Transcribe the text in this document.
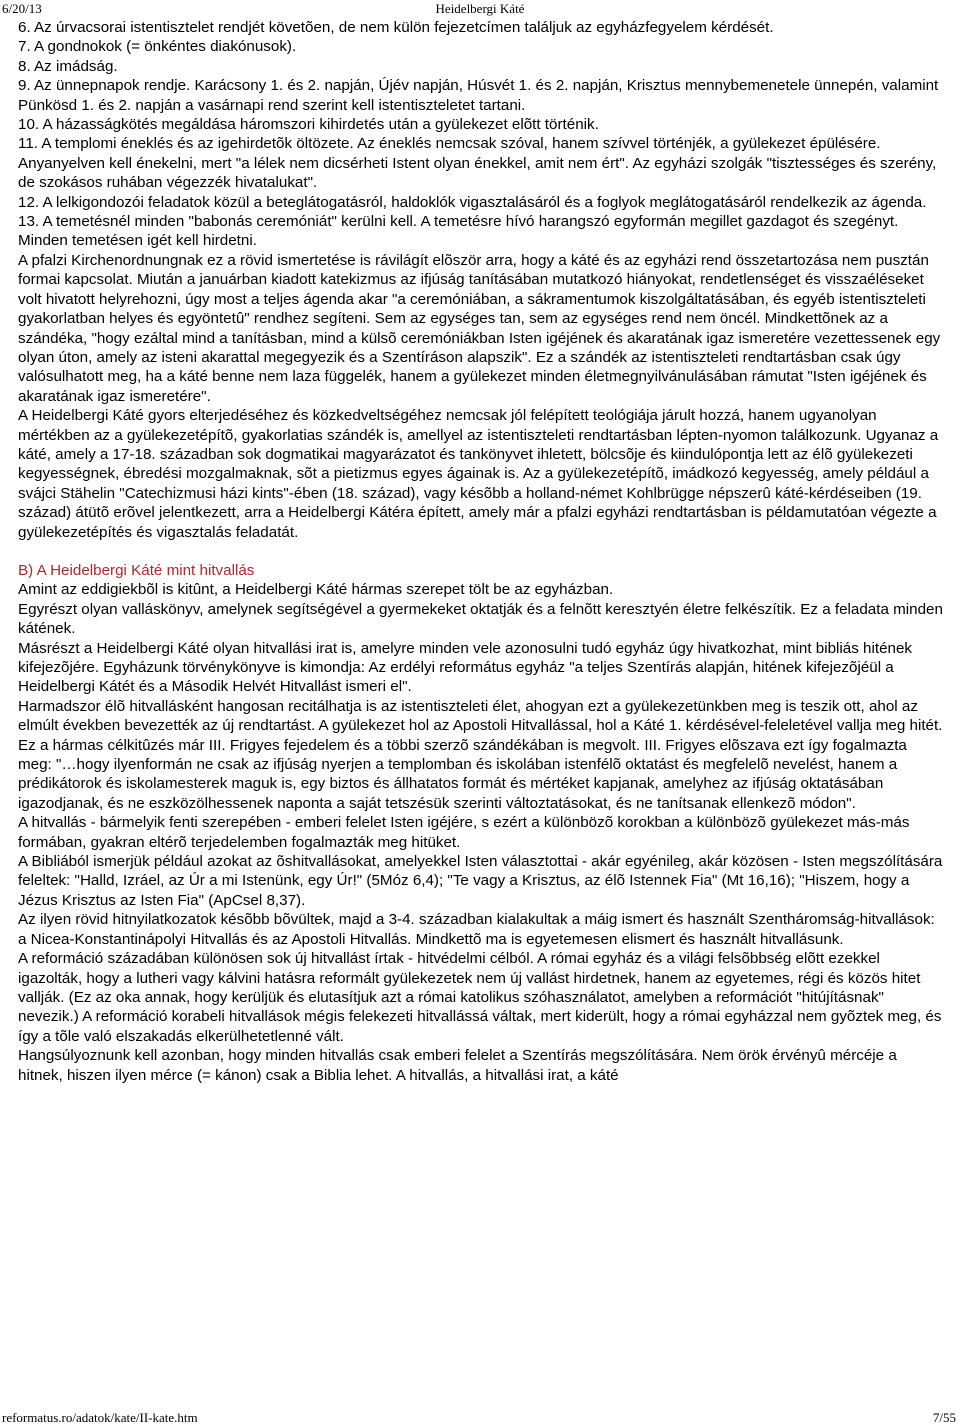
6/20/13	Heidelbergi Káté

6. Az úrvacsorai istentisztelet rendjét követõen, de nem külön fejezetcímen találjuk az egyházfegyelem kérdését.

7. A gondnokok (= önkéntes diakónusok).

8. Az imádság.

9. Az ünnepnapok rendje. Karácsony 1. és 2. napján, Újév napján, Húsvét 1. és 2. napján, Krisztus mennybemenetele ünnepén, valamint Pünkösd 1. és 2. napján a vasárnapi rend szerint kell istentiszteletet tartani.

10. A házasságkötés megáldása háromszori kihirdetés után a gyülekezet elõtt történik.

11. A templomi éneklés és az igehirdetõk öltözete. Az éneklés nemcsak szóval, hanem szívvel történjék, a gyülekezet épülésére. Anyanyelven kell énekelni, mert "a lélek nem dicsérheti Istent olyan énekkel, amit nem ért". Az egyházi szolgák "tisztességes és szerény, de szokásos ruhában végezzék hivatalukat".

12. A lelkigondozói feladatok közül a beteglátogatásról, haldoklók vigasztalásáról és a foglyok meglátogatásáról rendelkezik az ágenda.

13. A temetésnél minden "babonás ceremóniát" kerülni kell. A temetésre hívó harangszó egyformán megillet gazdagot és szegényt. Minden temetésen igét kell hirdetni.

A pfalzi Kirchenordnungnak ez a rövid ismertetése is rávilágít elõször arra, hogy a káté és az egyházi rend összetartozása nem pusztán formai kapcsolat. Miután a januárban kiadott katekizmus az ifjúság tanításában mutatkozó hiányokat, rendetlenséget és visszaéléseket volt hivatott helyrehozni, úgy most a teljes ágenda akar "a ceremóniában, a sákramentumok kiszolgáltatásában, és egyéb istentiszteleti gyakorlatban helyes és egyöntetû" rendhez segíteni. Sem az egységes tan, sem az egységes rend nem öncél. Mindkettõnek az a szándéka, "hogy ezáltal mind a tanításban, mind a külsõ ceremóniákban Isten igéjének és akaratának igaz ismeretére vezettessenek egy olyan úton, amely az isteni akarattal megegyezik és a Szentíráson alapszik". Ez a szándék az istentiszteleti rendtartásban csak úgy valósulhatott meg, ha a káté benne nem laza függelék, hanem a gyülekezet minden életmegnyilvánulásában rámutat "Isten igéjének és akaratának igaz ismeretére".

A Heidelbergi Káté gyors elterjedéséhez és közkedveltségéhez nemcsak jól felépített teológiája járult hozzá, hanem ugyanolyan mértékben az a gyülekezetépítõ, gyakorlatias szándék is, amellyel az istentiszteleti rendtartásban lépten-nyomon találkozunk. Ugyanaz a káté, amely a 17-18. században sok dogmatikai magyarázatot és tankönyvet ihletett, bölcsõje és kiindulópontja lett az élõ gyülekezeti kegyességnek, ébredési mozgalmaknak, sõt a pietizmus egyes ágainak is. Az a gyülekezetépítõ, imádkozó kegyesség, amely például a svájci Stähelin "Catechizmusi házi kints"-ében (18. század), vagy késõbb a holland-német Kohlbrügge népszerû káté-kérdéseiben (19. század) átütõ erõvel jelentkezett, arra a Heidelbergi Kátéra épített, amely már a pfalzi egyházi rendtartásban is példamutatóan végezte a gyülekezetépítés és vigasztalás feladatát.

B) A Heidelbergi Káté mint hitvallás

Amint az eddigiekbõl is kitûnt, a Heidelbergi Káté hármas szerepet tölt be az egyházban.

Egyrészt olyan valláskönyv, amelynek segítségével a gyermekeket oktatják és a felnõtt keresztyén életre felkészítik. Ez a feladata minden kátének.

Másrészt a Heidelbergi Káté olyan hitvallási irat is, amelyre minden vele azonosulni tudó egyház úgy hivatkozhat, mint bibliás hitének kifejezõjére. Egyházunk törvénykönyve is kimondja: Az erdélyi református egyház "a teljes Szentírás alapján, hitének kifejezõjéül a Heidelbergi Kátét és a Második Helvét Hitvallást ismeri el".

Harmadszor élõ hitvallásként hangosan recitálhatja is az istentiszteleti élet, ahogyan ezt a gyülekezetünkben meg is teszik ott, ahol az elmúlt években bevezették az új rendtartást. A gyülekezet hol az Apostoli Hitvallással, hol a Káté 1. kérdésével-feleletével vallja meg hitét.

Ez a hármas célkitûzés már III. Frigyes fejedelem és a többi szerzõ szándékában is megvolt. III. Frigyes elõszava ezt így fogalmazta meg: "…hogy ilyenformán ne csak az ifjúság nyerjen a templomban és iskolában istenfélõ oktatást és megfelelõ nevelést, hanem a prédikátorok és iskolamesterek maguk is, egy biztos és állhatatos formát és mértéket kapjanak, amelyhez az ifjúság oktatásában igazodjanak, és ne eszközölhessenek naponta a saját tetszésük szerinti változtatásokat, és ne tanítsanak ellenkezõ módon".

A hitvallás - bármelyik fenti szerepében - emberi felelet Isten igéjére, s ezért a különbözõ korokban a különbözõ gyülekezet más-más formában, gyakran eltérõ terjedelemben fogalmazták meg hitüket.

A Bibliából ismerjük például azokat az õshitvallásokat, amelyekkel Isten választottai - akár egyénileg, akár közösen - Isten megszólítására feleltek: "Halld, Izráel, az Úr a mi Istenünk, egy Úr!" (5Móz 6,4); "Te vagy a Krisztus, az élõ Istennek Fia" (Mt 16,16); "Hiszem, hogy a Jézus Krisztus az Isten Fia" (ApCsel 8,37).

Az ilyen rövid hitnyilatkozatok késõbb bõvültek, majd a 3-4. században kialakultak a máig ismert és használt Szentháromság-hitvallások: a Nicea-Konstantinápolyi Hitvallás és az Apostoli Hitvallás. Mindkettõ ma is egyetemesen elismert és használt hitvallásunk.

A reformáció századában különösen sok új hitvallást írtak - hitvédelmi célból. A római egyház és a világi felsõbbség elõtt ezekkel igazolták, hogy a lutheri vagy kálvini hatásra reformált gyülekezetek nem új vallást hirdetnek, hanem az egyetemes, régi és közös hitet vallják. (Ez az oka annak, hogy kerüljük és elutasítjuk azt a római katolikus szóhasználatot, amelyben a reformációt "hitújításnak" nevezik.) A reformáció korabeli hitvallások mégis felekezeti hitvallássá váltak, mert kiderült, hogy a római egyházzal nem gyõztek meg, és így a tõle való elszakadás elkerülhetetlenné vált.

Hangsúlyoznunk kell azonban, hogy minden hitvallás csak emberi felelet a Szentírás megszólítására. Nem örök érvényû mércéje a hitnek, hiszen ilyen mérce (= kánon) csak a Biblia lehet. A hitvallás, a hitvallási irat, a káté

reformatus.ro/adatok/kate/II-kate.htm	7/55
